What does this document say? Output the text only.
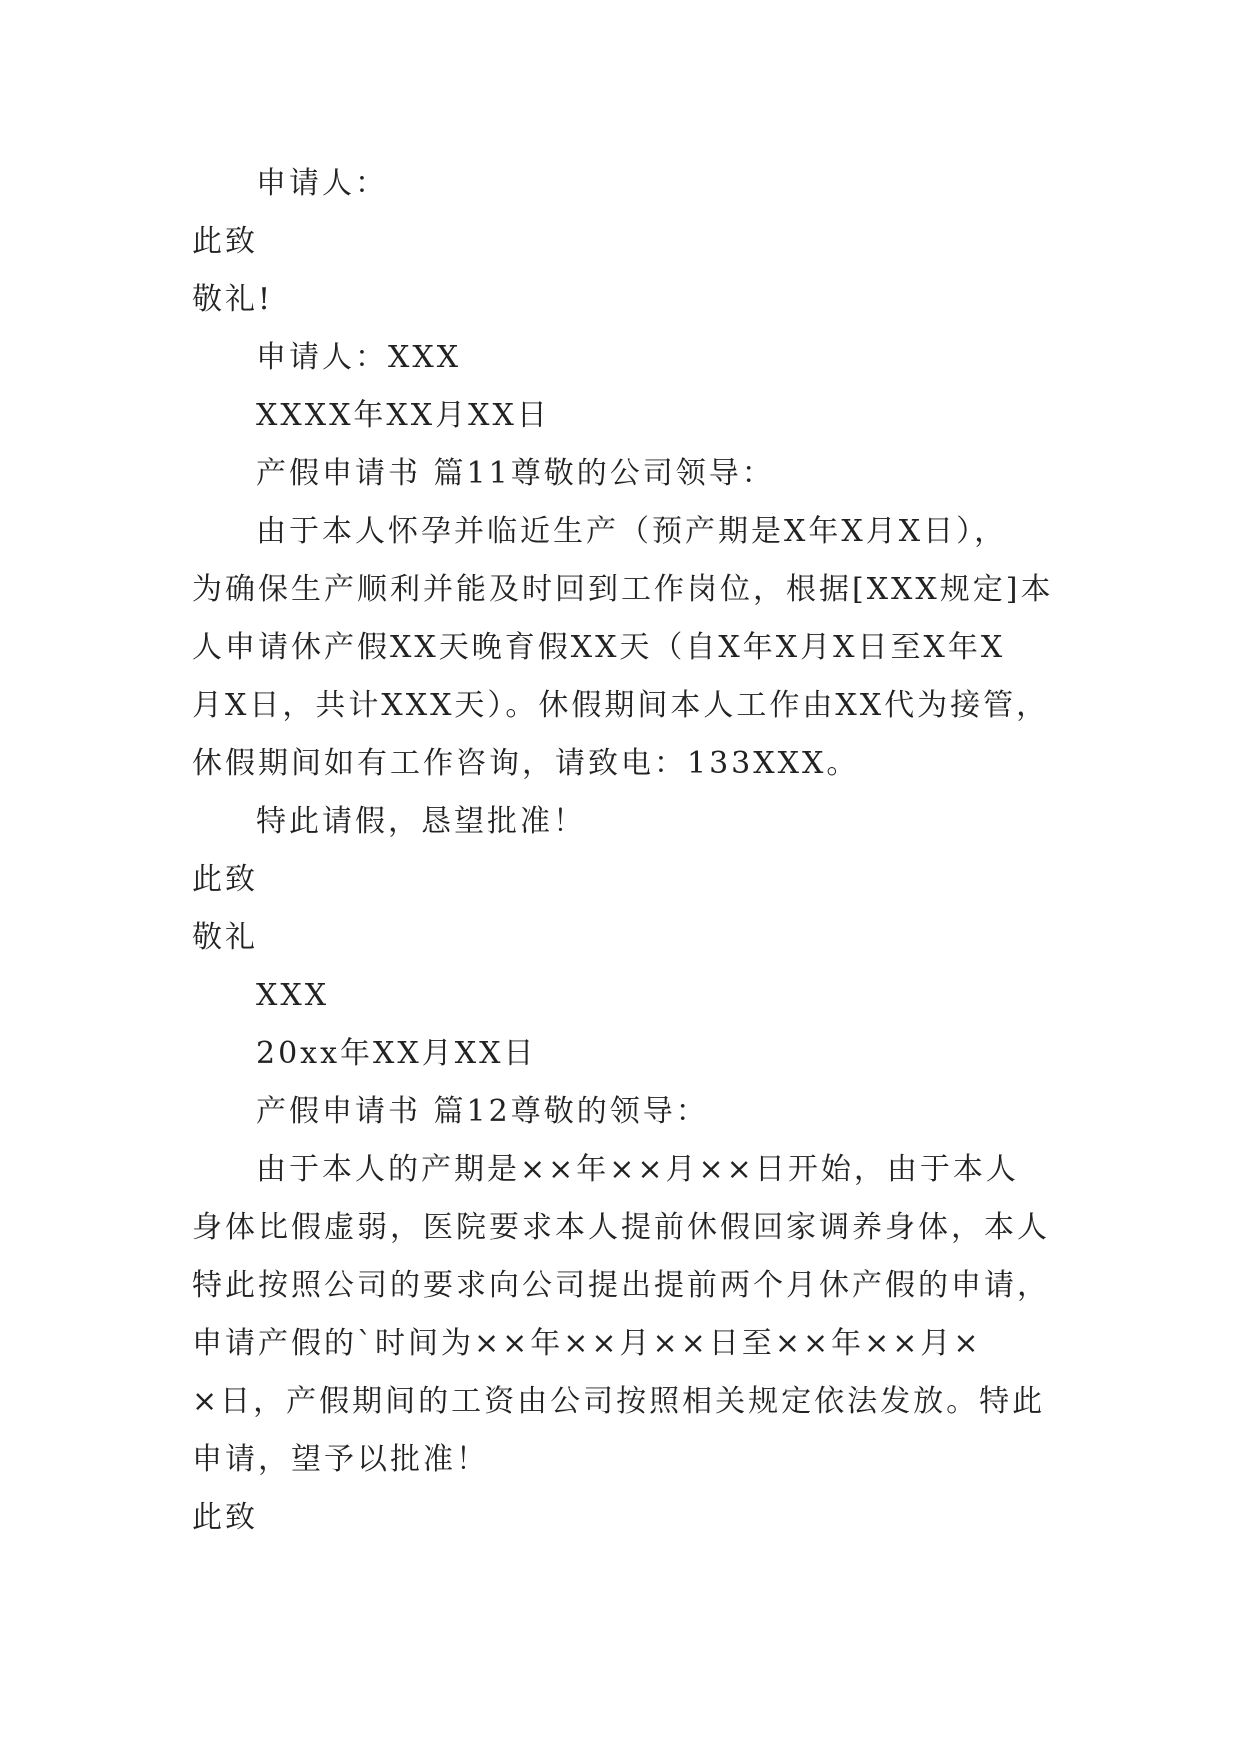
申请人：
此致
敬礼!
申请人：XXX
XXXX年XX月XX日
产假申请书 篇11尊敬的公司领导：
由于本人怀孕并临近生产（预产期是X年X月X日），
为确保生产顺利并能及时回到工作岗位，根据[XXX规定]本
人申请休产假XX天晚育假XX天（自X年X月X日至X年X
月X日，共计XXX天）。休假期间本人工作由XX代为接管，
休假期间如有工作咨询，请致电：133XXX。
特此请假，恳望批准！
此致
敬礼
XXX
20xx年XX月XX日
产假申请书 篇12尊敬的领导：
由于本人的产期是××年××月××日开始，由于本人
身体比假虚弱，医院要求本人提前休假回家调养身体，本人
特此按照公司的要求向公司提出提前两个月休产假的申请，
申请产假的`时间为××年××月××日至××年××月×
×日，产假期间的工资由公司按照相关规定依法发放。特此
申请，望予以批准！
此致
